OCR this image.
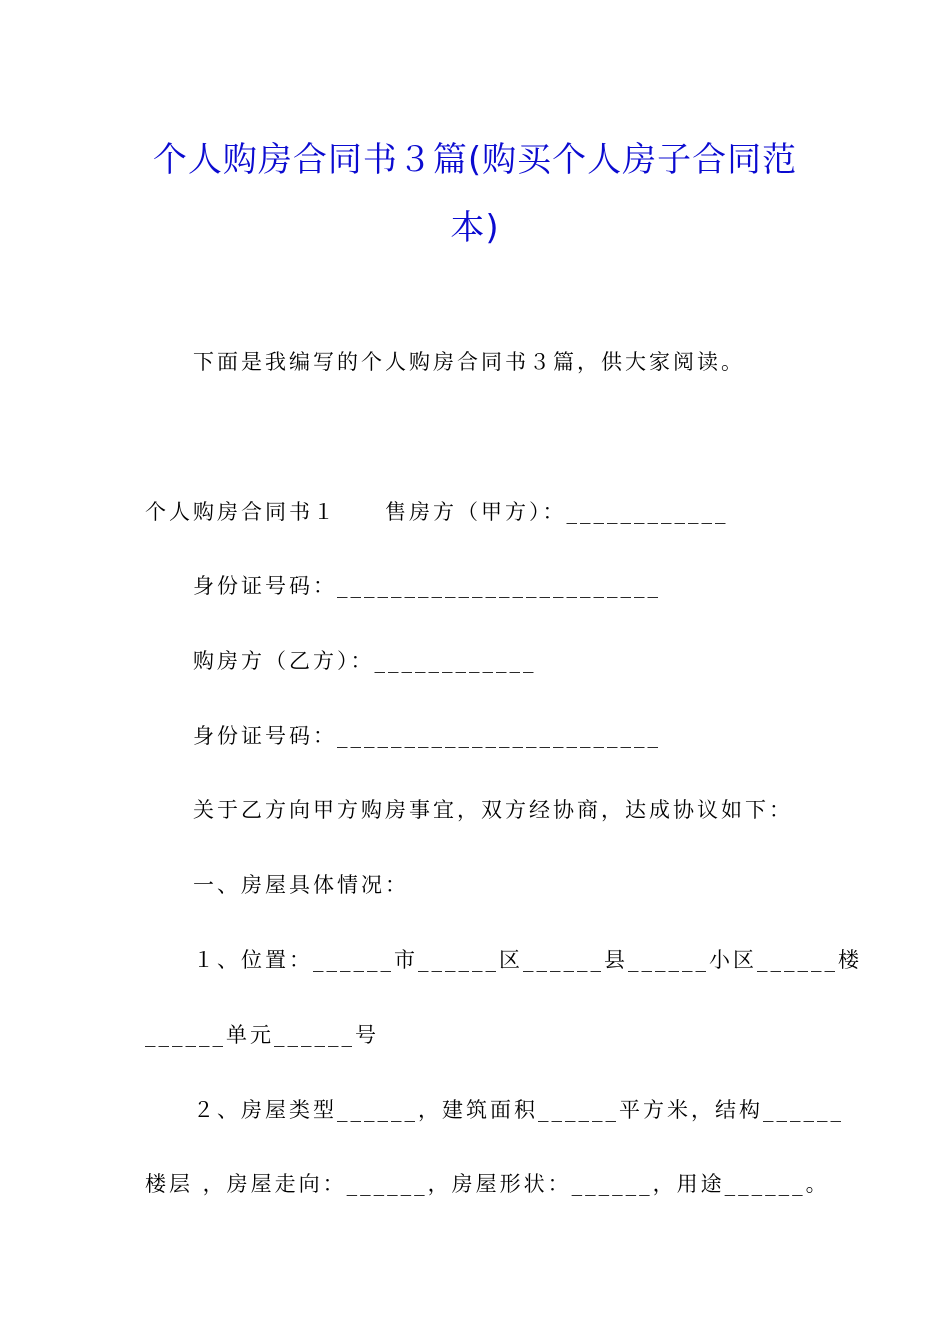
个人购房合同书３篇(购买个人房子合同范
本)

下面是我编写的个人购房合同书３篇，供大家阅读。

个人购房合同书１　　售房方（甲方）：____________

身份证号码：________________________

购房方（乙方）：____________

身份证号码：________________________

关于乙方向甲方购房事宜，双方经协商，达成协议如下：

一、房屋具体情况：

１、位置：______市______区______县______小区______楼

______单元______号

２、房屋类型______，建筑面积______平方米，结构______

楼层 ，房屋走向：______，房屋形状：______，用途______。
